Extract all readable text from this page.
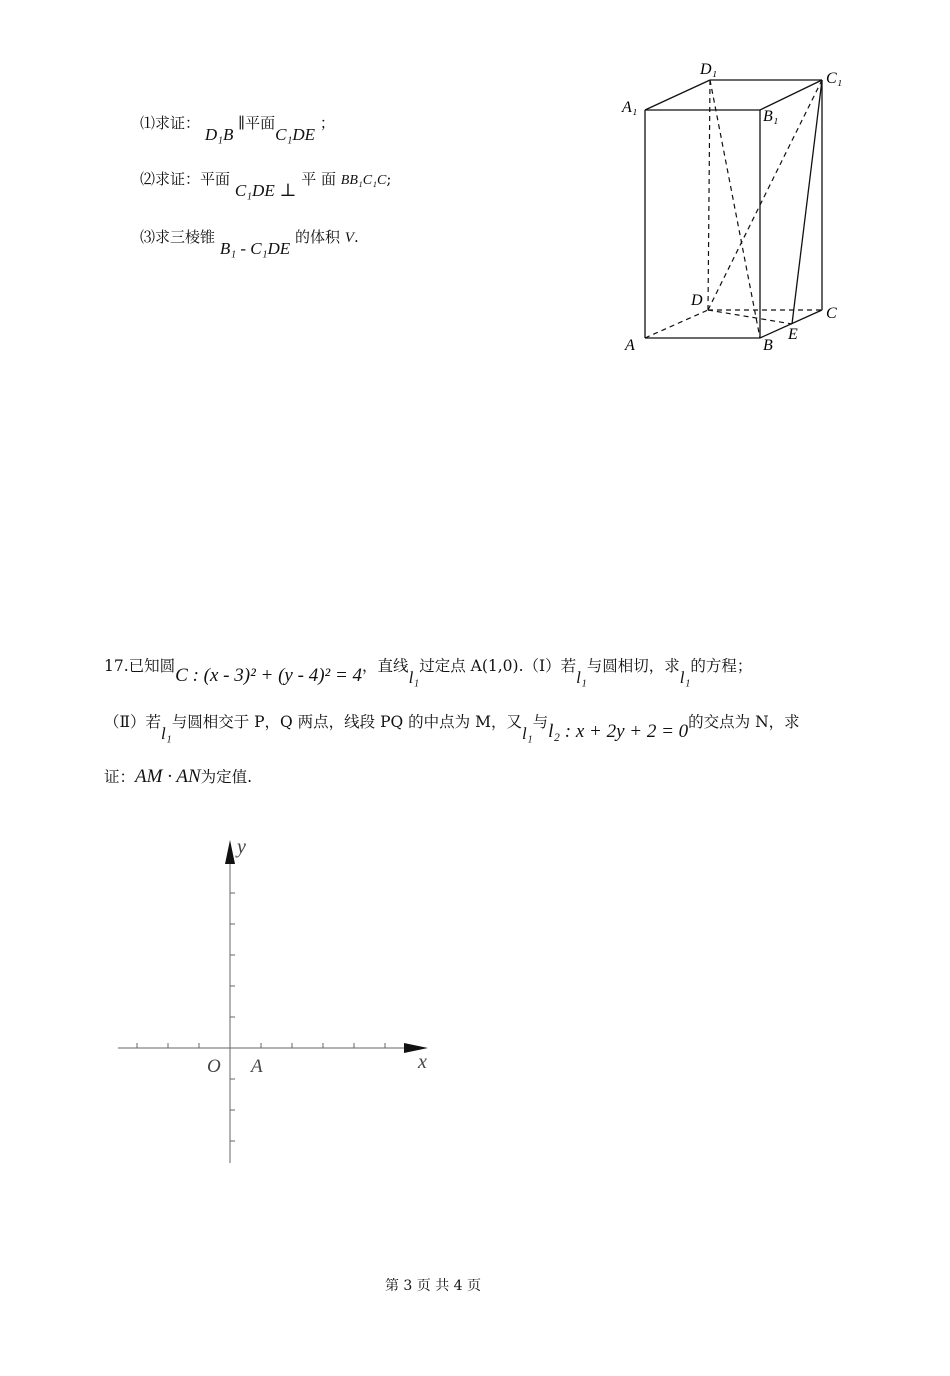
⑴求证： D₁B ∥平面C₁DE ；
⑵求证：平面 C₁DE ⊥ 平 面 BB₁C₁C;
⑶求三棱锥 B₁ - C₁DE 的体积 V.
D₁
C₁
A₁
B₁
D
C
E
A	B
17.已知圆C : (x - 3)² + (y - 4)² = 4，直线l₁过定点 A(1,0).（Ⅰ）若l₁与圆相切，求l₁的方程；
（Ⅱ）若l₁与圆相交于 P，Q 两点，线段 PQ 的中点为 M，又l₁与l₂ : x + 2y + 2 = 0的交点为 N，求
证：AM · AN为定值.
y
x
O A
第 3 页 共 4 页
